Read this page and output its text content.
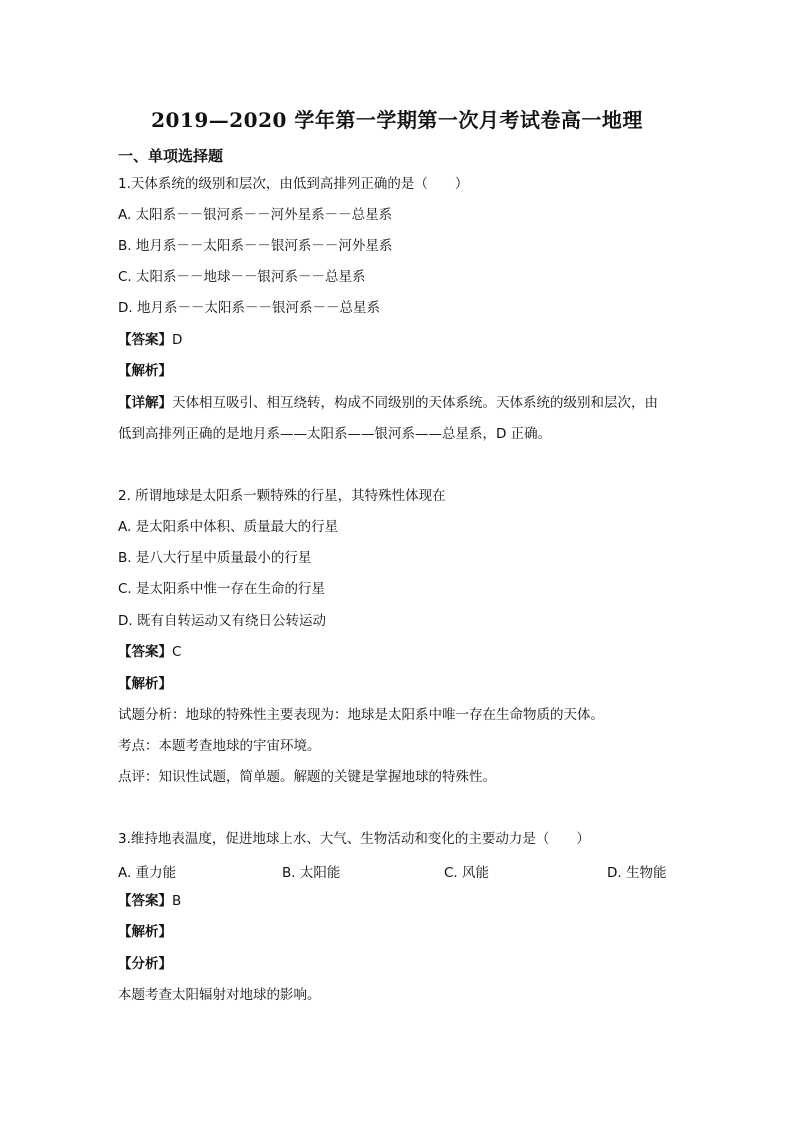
2019—2020 学年第一学期第一次月考试卷高一地理
一、单项选择题
1.天体系统的级别和层次，由低到高排列正确的是（　　）
A. 太阳系－－银河系－－河外星系－－总星系
B. 地月系－－太阳系－－银河系－－河外星系
C. 太阳系－－地球－－银河系－－总星系
D. 地月系－－太阳系－－银河系－－总星系
【答案】D
【解析】
【详解】天体相互吸引、相互绕转，构成不同级别的天体系统。天体系统的级别和层次，由
低到高排列正确的是地月系——太阳系——银河系——总星系，D 正确。
2. 所谓地球是太阳系一颗特殊的行星，其特殊性体现在
A. 是太阳系中体积、质量最大的行星
B. 是八大行星中质量最小的行星
C. 是太阳系中惟一存在生命的行星
D. 既有自转运动又有绕日公转运动
【答案】C
【解析】
试题分析：地球的特殊性主要表现为：地球是太阳系中唯一存在生命物质的天体。
考点：本题考查地球的宇宙环境。
点评：知识性试题，简单题。解题的关键是掌握地球的特殊性。
3.维持地表温度，促进地球上水、大气、生物活动和变化的主要动力是（　　）
A. 重力能	B. 太阳能	C. 风能	D. 生物能
【答案】B
【解析】
【分析】
本题考查太阳辐射对地球的影响。
